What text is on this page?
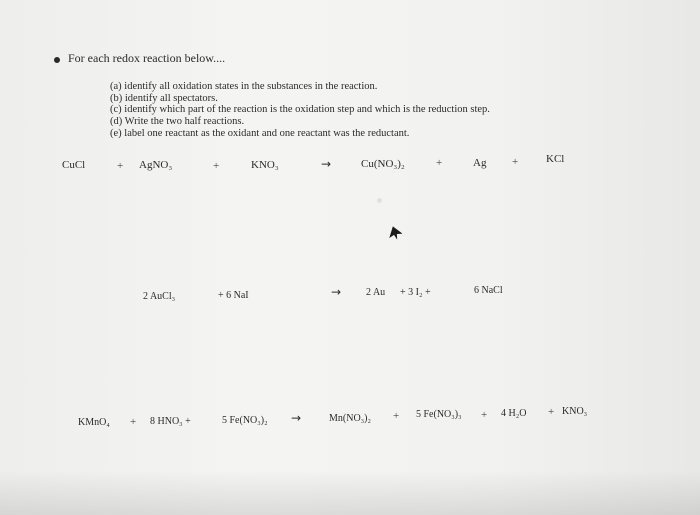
For each redox reaction below....
(a) identify all oxidation states in the substances in the reaction.
(b) identify all spectators.
(c) identify which part of the reaction is the oxidation step and which is the reduction step.
(d) Write the two half reactions.
(e) label one reactant as the oxidant and one reactant was the reductant.
CuCl	+ AgNO₃	+	KNO₃	→	Cu(NO₃)₂	+	Ag +	KCl
2 AuCl₃	+ 6 NaI	→ 2 Au + 3 I₂ +	6 NaCl
KMnO₄ + 8 HNO₃ +	5 Fe(NO₃)₂ →	Mn(NO₃)₂ + 5 Fe(NO₃)₃ + 4 H₂O + KNO₃
